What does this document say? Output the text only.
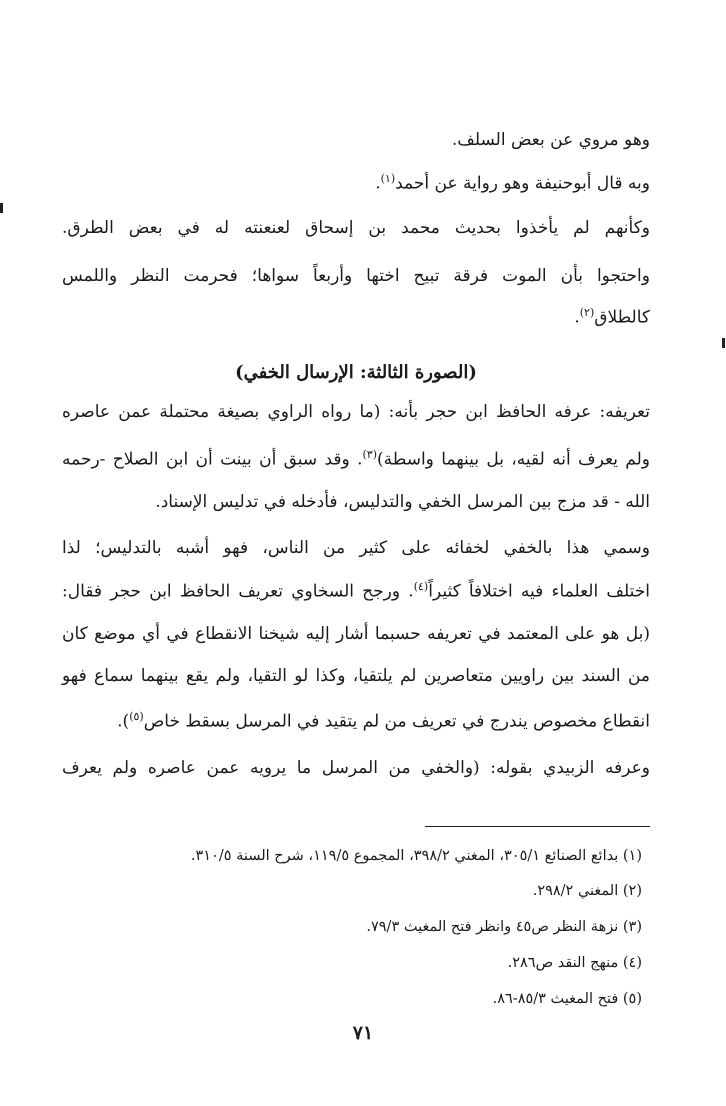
وهو مروي عن بعض السلف.
وبه قال أبوحنيفة وهو رواية عن أحمد$^{(١)}$.
وكأنهم لم يأخذوا بحديث محمد بن إسحاق لعنعنته له في بعض الطرق.
واحتجوا بأن الموت فرقة تبيح اختها وأربعاً سواها؛ فحرمت النظر واللمس
كالطلاق$^{(٢)}$.
(الصورة الثالثة: الإرسال الخفي)
تعريفه: عرفه الحافظ ابن حجر بأنه: (ما رواه الراوي بصيغة محتملة عمن عاصره
ولم يعرف أنه لقيه، بل بينهما واسطة)$^{(٣)}$. وقد سبق أن بينت أن ابن الصلاح -رحمه
الله - قد مزج بين المرسل الخفي والتدليس، فأدخله في تدليس الإسناد.
وسمي هذا بالخفي لخفائه على كثير من الناس، فهو أشبه بالتدليس؛ لذا
اختلف العلماء فيه اختلافاً كثيراً$^{(٤)}$. ورجح السخاوي تعريف الحافظ ابن حجر فقال:
(بل هو على المعتمد في تعريفه حسبما أشار إليه شيخنا الانقطاع في أي موضع كان
من السند بين راويين متعاصرين لم يلتقيا، وكذا لو التقيا، ولم يقع بينهما سماع فهو
انقطاع مخصوص يندرج في تعريف من لم يتقيد في المرسل بسقط خاص$^{(٥)}$).
وعرفه الزبيدي بقوله: (والخفي من المرسل ما يرويه عمن عاصره ولم يعرف
(١) بدائع الصنائع ٣٠٥/١، المغني ٣٩٨/٢، المجموع ١١٩/٥، شرح السنة ٣١٠/٥.
(٢) المغني ٢٩٨/٢.
(٣) نزهة النظر ص٤٥ وانظر فتح المغيث ٧٩/٣.
(٤) منهج النقد ص٢٨٦.
(٥) فتح المغيث ٨٥/٣-٨٦.
٧١
